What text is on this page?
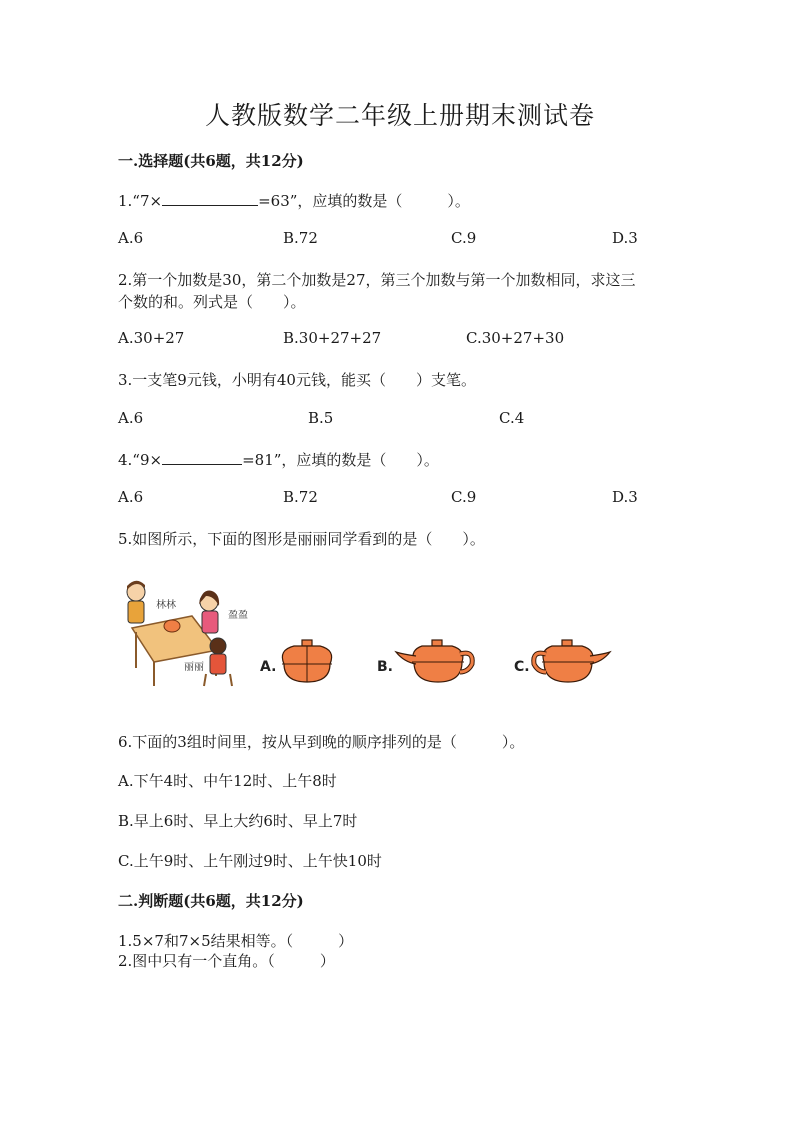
人教版数学二年级上册期末测试卷
一.选择题(共6题，共12分)
1.“7×	=63”，应填的数是（　　　）。
A.6	B.72	C.9	D.3
2.第一个加数是30，第二个加数是27，第三个加数与第一个加数相同，求这三
个数的和。列式是（　　）。
A.30+27	B.30+27+27	C.30+27+30
3.一支笔9元钱，小明有40元钱，能买（　　）支笔。
A.6	B.5	C.4
4.“9×	=81”，应填的数是（　　）。
A.6	B.72	C.9	D.3
5.如图所示，下面的图形是丽丽同学看到的是（　　）。
林林
盈盈
丽丽	A.	B.	C.
6.下面的3组时间里，按从早到晚的顺序排列的是（　　　）。
A.下午4时、中午12时、上午8时
B.早上6时、早上大约6时、早上7时
C.上午9时、上午刚过9时、上午快10时
二.判断题(共6题，共12分)
1.5×7和7×5结果相等。（　　　）
2.图中只有一个直角。（　　　）
